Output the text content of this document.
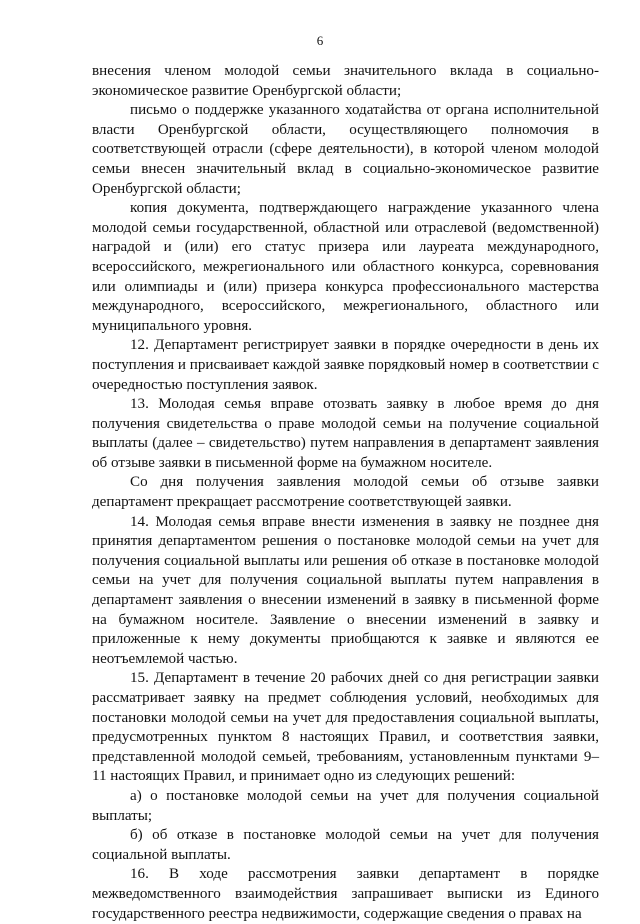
6

внесения членом молодой семьи значительного вклада в социально-экономическое развитие Оренбургской области;

письмо о поддержке указанного ходатайства от органа исполнительной власти Оренбургской области, осуществляющего полномочия в соответствующей отрасли (сфере деятельности), в которой членом молодой семьи внесен значительный вклад в социально-экономическое развитие Оренбургской области;

копия документа, подтверждающего награждение указанного члена молодой семьи государственной, областной или отраслевой (ведомственной) наградой и (или) его статус призера или лауреата международного, всероссийского, межрегионального или областного конкурса, соревнования или олимпиады и (или) призера конкурса профессионального мастерства международного, всероссийского, межрегионального, областного или муниципального уровня.

12. Департамент регистрирует заявки в порядке очередности в день их поступления и присваивает каждой заявке порядковый номер в соответствии с очередностью поступления заявок.

13. Молодая семья вправе отозвать заявку в любое время до дня получения свидетельства о праве молодой семьи на получение социальной выплаты (далее – свидетельство) путем направления в департамент заявления об отзыве заявки в письменной форме на бумажном носителе.

Со дня получения заявления молодой семьи об отзыве заявки департамент прекращает рассмотрение соответствующей заявки.

14. Молодая семья вправе внести изменения в заявку не позднее дня принятия департаментом решения о постановке молодой семьи на учет для получения социальной выплаты или решения об отказе в постановке молодой семьи на учет для получения социальной выплаты путем направления в департамент заявления о внесении изменений в заявку в письменной форме на бумажном носителе. Заявление о внесении изменений в заявку и приложенные к нему документы приобщаются к заявке и являются ее неотъемлемой частью.

15. Департамент в течение 20 рабочих дней со дня регистрации заявки рассматривает заявку на предмет соблюдения условий, необходимых для постановки молодой семьи на учет для предоставления социальной выплаты, предусмотренных пунктом 8 настоящих Правил, и соответствия заявки, представленной молодой семьей, требованиям, установленным пунктами 9–11 настоящих Правил, и принимает одно из следующих решений:

а) о постановке молодой семьи на учет для получения социальной выплаты;

б) об отказе в постановке молодой семьи на учет для получения социальной выплаты.

16. В ходе рассмотрения заявки департамент в порядке межведомственного взаимодействия запрашивает выписки из Единого государственного реестра недвижимости, содержащие сведения о правах на
